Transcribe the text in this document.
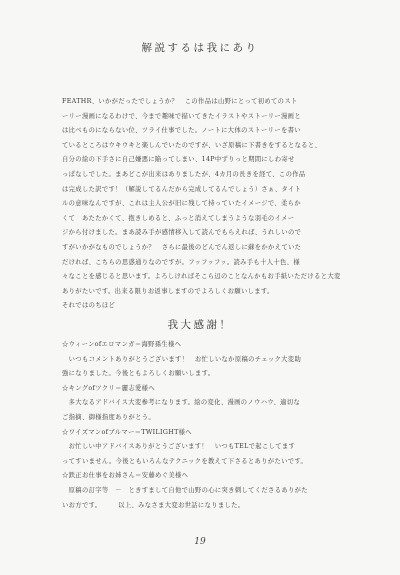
解説するは我にあり
FEATHR、いかがだったでしょうか？　この作品は山野にとって初めてのスト
ーリー漫画になるわけで、今まで趣味で描いてきたイラストやストーリー漫画と
は比べものにならない位、ツライ仕事でした。ノートに大体のストーリーを書い
ているところはウキウキと楽しんでいたのですが、いざ原稿に下書きをするとなると、
自分の絵の下手さに自己嫌悪に陥ってしまい、14P中ずりっと期間にしわ寄せ
っぱなしでした。まあどこが出来はありましたが、4カ月の長きを経て、この作品
は完成した訳です！（解説してるんだから完成してるんでしょう）さぁ、タイト
ルの意味なんですが、これは主人公が旧に残して持っていたイメージで、柔らか
くて　あたたかくて、抱きしめると、ふっと消えてしまうような羽毛のイメー
ジから付けました。まあ読み手が感情移入して読んでもらえれば、うれしいので
すがいかがなものでしょうか？　さらに最後のどんでん返しに蘇をかかえていた
だければ、こちらの思惑通りなのですが。フッフッフッ。読み手も十人十色、様
々なことを感じると思います。よろしければそこら辺のことなんかもお手紙いただけると大変
ありがたいです。出来る限りお返事しますのでよろしくお願いします。
それではのちほど
我大感謝！
☆ウィーンofエロマンガ＝海野孫生様へ
　いつもコメントありがとうございます！　お忙しいなか原稿のチェック大変助
強になりました。今後ともよろしくお願いします。
☆キングofツクリ＝麗志愛様へ
　多大なるアドバイス大変参考になります。絵の変化、漫画のノウハウ、適切な
ご指摘、御様指度ありがとう。
☆ワイズマンofブルマー＝TWILIGHT様へ
　お忙しい中アドバイスありがとうございます！　いつもTELで起こしてます
ってすいません。今後ともいろんなテクニックを教えて下さるとありがたいです。
☆鉄正お仕事をお姉さん＝安藤めぐ美様へ
　原稿の訂字等　－　ときすまして自他で山野の心に突き刺してくださるありがた
いお方です。　　　以上、みなさま大変お世話になりました。
19
